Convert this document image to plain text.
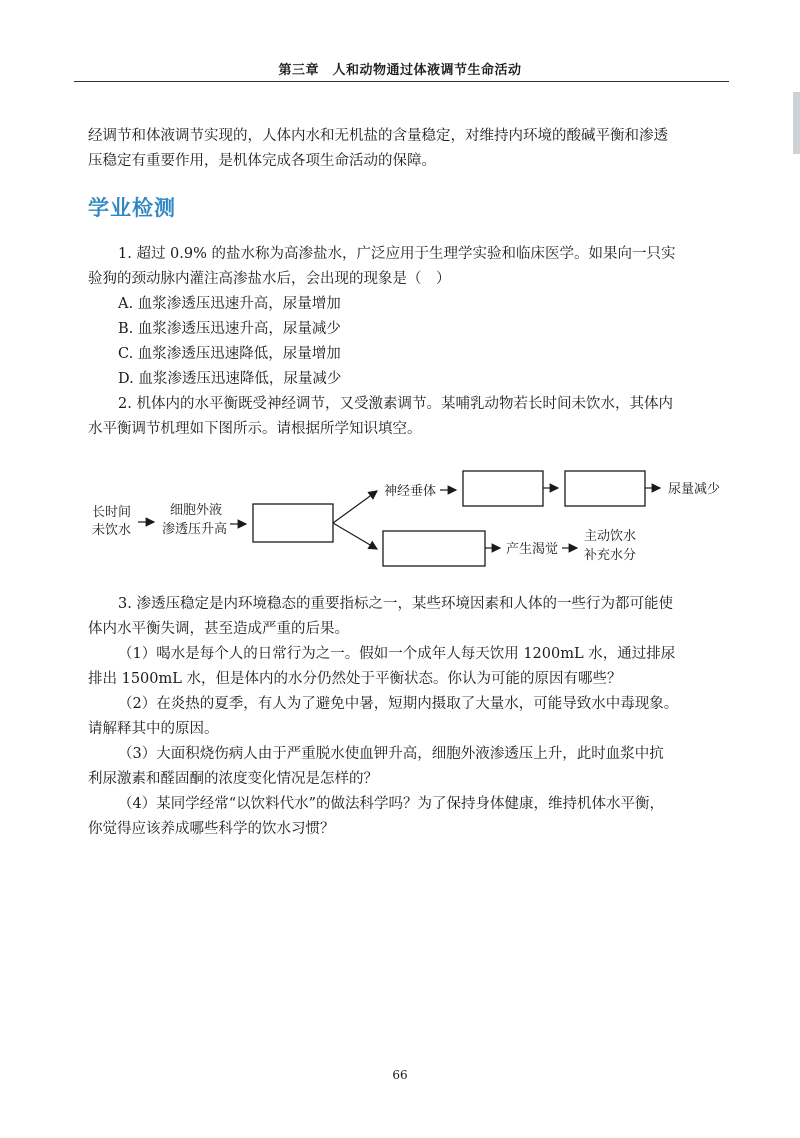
第三章　人和动物通过体液调节生命活动
经调节和体液调节实现的，人体内水和无机盐的含量稳定，对维持内环境的酸碱平衡和渗透
压稳定有重要作用，是机体完成各项生命活动的保障。
学业检测
1. 超过 0.9% 的盐水称为高渗盐水，广泛应用于生理学实验和临床医学。如果向一只实
验狗的颈动脉内灌注高渗盐水后，会出现的现象是（　）
A. 血浆渗透压迅速升高，尿量增加
B. 血浆渗透压迅速升高，尿量减少
C. 血浆渗透压迅速降低，尿量增加
D. 血浆渗透压迅速降低，尿量减少
2. 机体内的水平衡既受神经调节，又受激素调节。某哺乳动物若长时间未饮水，其体内
水平衡调节机理如下图所示。请根据所学知识填空。
长时间
未饮水
细胞外液
渗透压升高
神经垂体	尿量减少
产生渴觉
主动饮水
补充水分
3. 渗透压稳定是内环境稳态的重要指标之一，某些环境因素和人体的一些行为都可能使
体内水平衡失调，甚至造成严重的后果。
（1）喝水是每个人的日常行为之一。假如一个成年人每天饮用 1200mL 水，通过排尿
排出 1500mL 水，但是体内的水分仍然处于平衡状态。你认为可能的原因有哪些？
（2）在炎热的夏季，有人为了避免中暑，短期内摄取了大量水，可能导致水中毒现象。
请解释其中的原因。
（3）大面积烧伤病人由于严重脱水使血钾升高，细胞外液渗透压上升，此时血浆中抗
利尿激素和醛固酮的浓度变化情况是怎样的？
（4）某同学经常“以饮料代水”的做法科学吗？为了保持身体健康，维持机体水平衡，
你觉得应该养成哪些科学的饮水习惯？
66
